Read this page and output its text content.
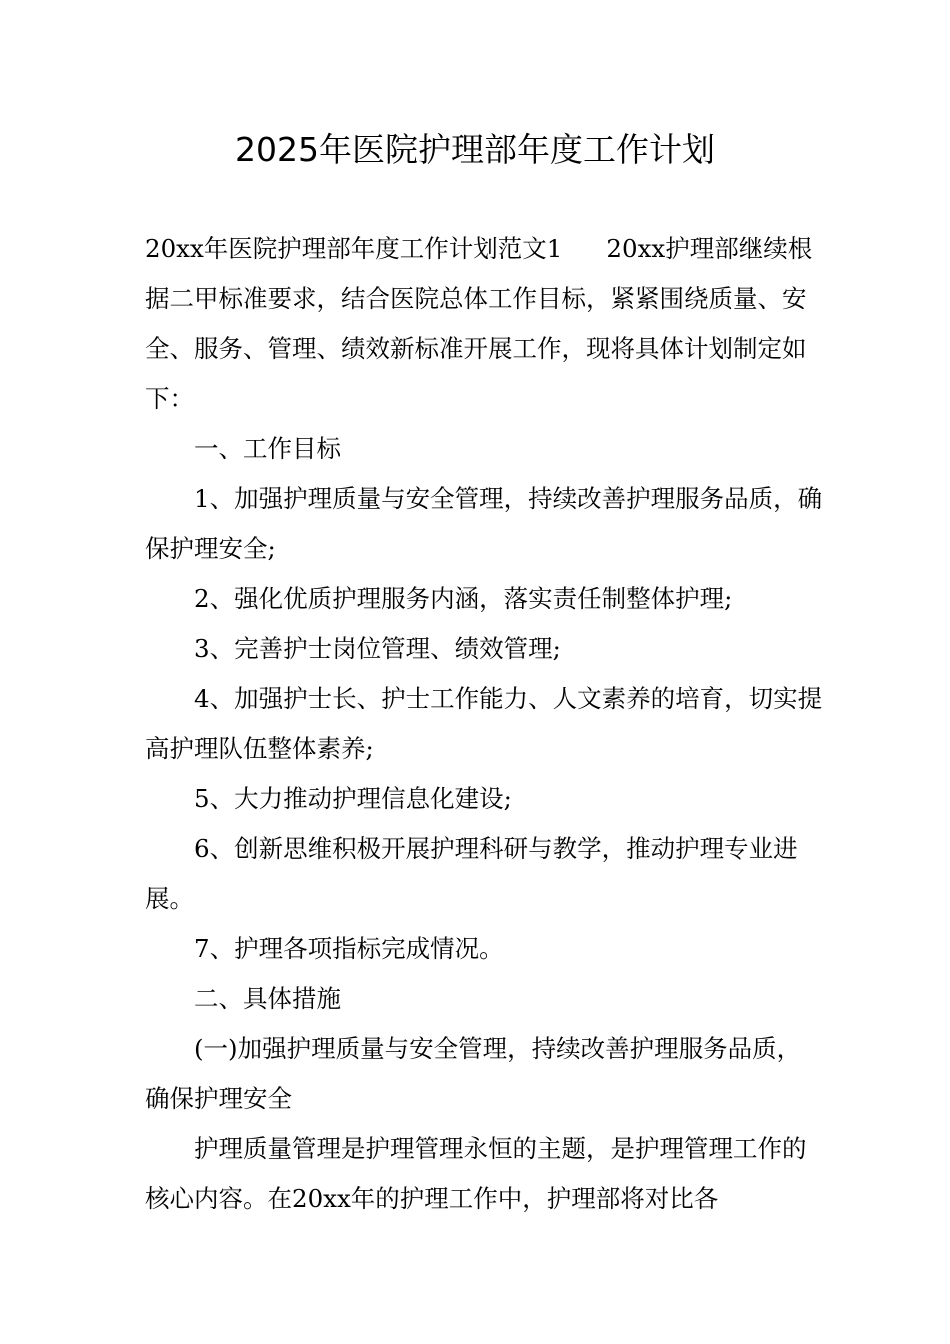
2025年医院护理部年度工作计划

20xx年医院护理部年度工作计划范文1 20xx护理部继续根据二甲标准要求，结合医院总体工作目标，紧紧围绕质量、安全、服务、管理、绩效新标准开展工作，现将具体计划制定如下：

一、工作目标

1、加强护理质量与安全管理，持续改善护理服务品质，确保护理安全;

2、强化优质护理服务内涵，落实责任制整体护理;

3、完善护士岗位管理、绩效管理;

4、加强护士长、护士工作能力、人文素养的培育，切实提高护理队伍整体素养;

5、大力推动护理信息化建设;

6、创新思维积极开展护理科研与教学，推动护理专业进展。

7、护理各项指标完成情况。

二、具体措施

(一)加强护理质量与安全管理，持续改善护理服务品质，确保护理安全

护理质量管理是护理管理永恒的主题，是护理管理工作的核心内容。在20xx年的护理工作中，护理部将对比各
